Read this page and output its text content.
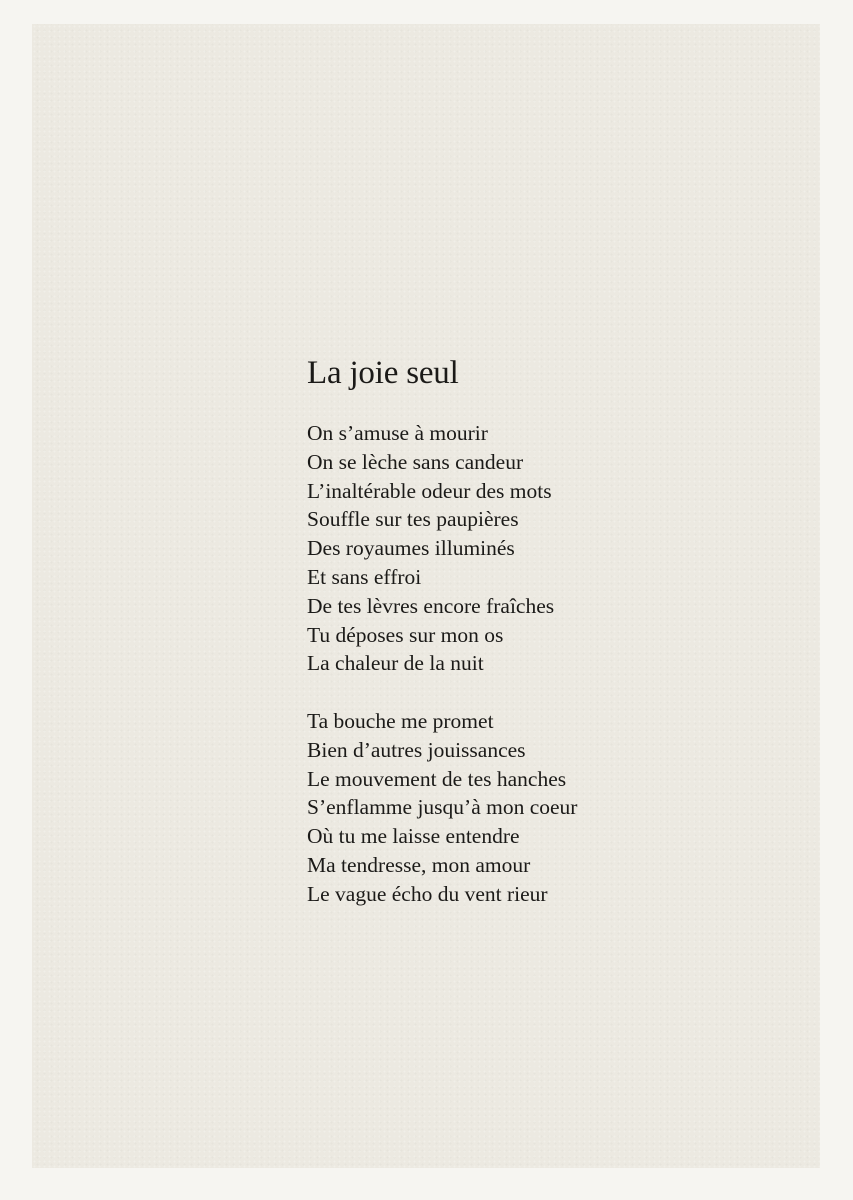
La joie seul
On s’amuse à mourir
On se lèche sans candeur
L’inaltérable odeur des mots
Souffle sur tes paupières
Des royaumes illuminés
Et sans effroi
De tes lèvres encore fraîches
Tu déposes sur mon os
La chaleur de la nuit
Ta bouche me promet
Bien d’autres jouissances
Le mouvement de tes hanches
S’enflamme jusqu’à mon coeur
Où tu me laisse entendre
Ma tendresse, mon amour
Le vague écho du vent rieur
